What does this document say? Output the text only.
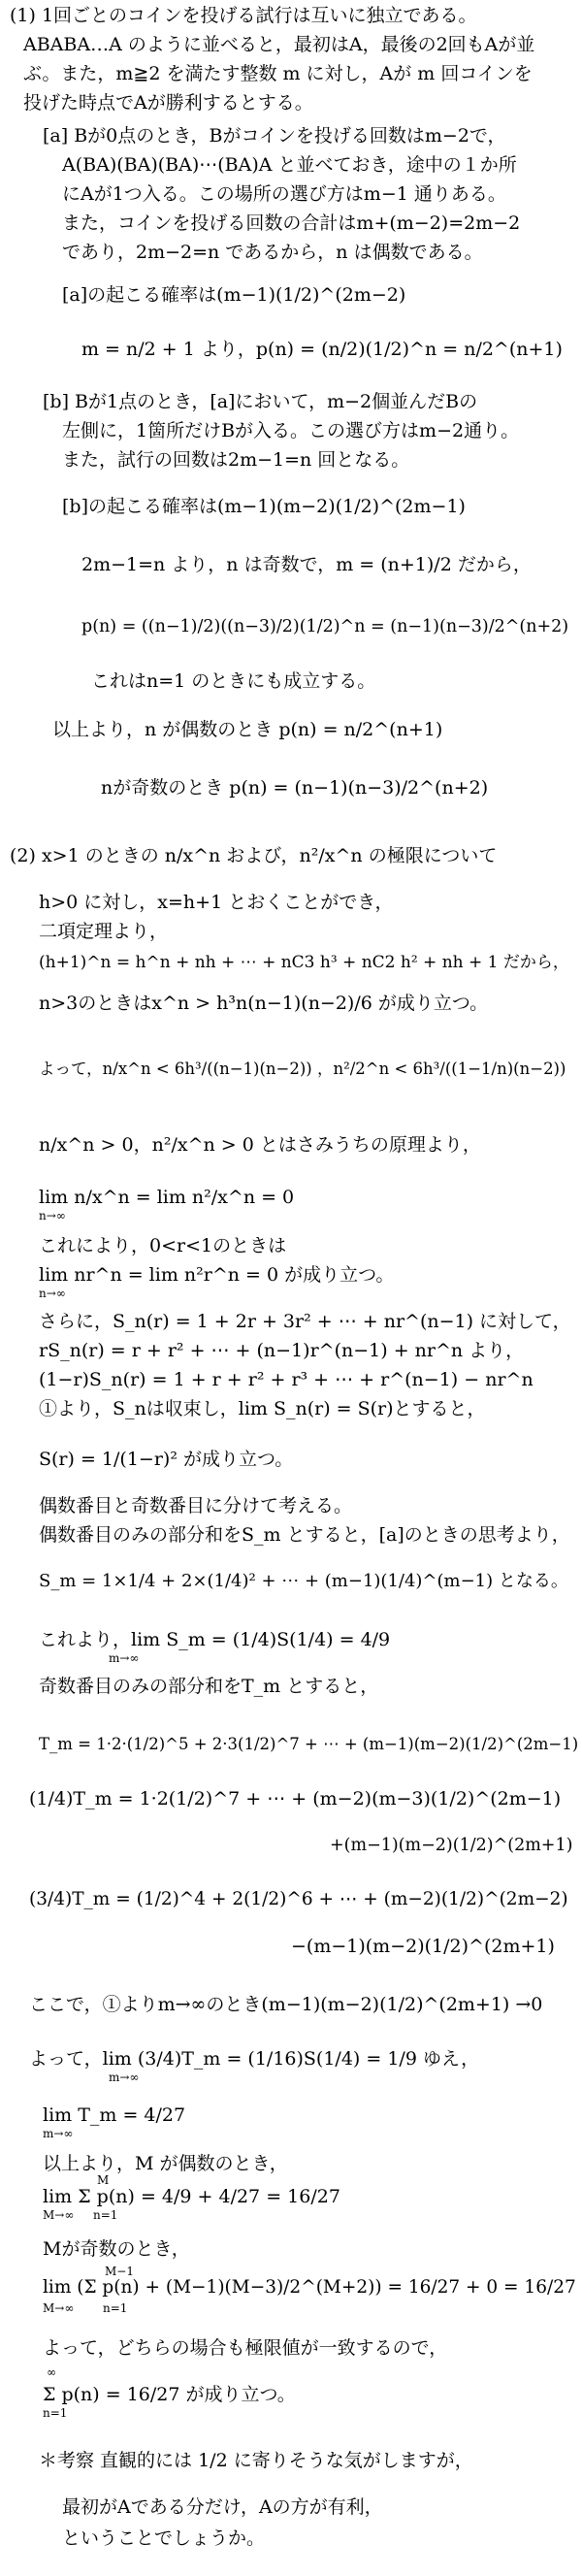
(1) 1回ごとのコインを投げる試行は互いに独立である。
ABABA…A のように並べると，最初はA，最後の2回もAが並
ぶ。また，m≧2 を満たす整数 m に対し，Aが m 回コインを
投げた時点でAが勝利するとする。
[a] Bが0点のとき，Bがコインを投げる回数はm−2で，
A(BA)(BA)(BA)⋯(BA)A と並べておき，途中の１か所
にAが1つ入る。この場所の選び方はm−1 通りある。
また，コインを投げる回数の合計はm+(m−2)=2m−2
であり，2m−2=n であるから，n は偶数である。
[a]の起こる確率は(m−1)(1/2)^(2m−2)
m = n/2 + 1 より，p(n) = (n/2)(1/2)^n = n/2^(n+1)
[b] Bが1点のとき，[a]において，m−2個並んだBの
左側に，1箇所だけBが入る。この選び方はm−2通り。
また，試行の回数は2m−1=n 回となる。
[b]の起こる確率は(m−1)(m−2)(1/2)^(2m−1)
2m−1=n より，n は奇数で，m = (n+1)/2 だから，
p(n) = ((n−1)/2)((n−3)/2)(1/2)^n = (n−1)(n−3)/2^(n+2)
これはn=1 のときにも成立する。
以上より，n が偶数のとき p(n) = n/2^(n+1)
nが奇数のとき p(n) = (n−1)(n−3)/2^(n+2)
(2) x>1 のときの n/x^n および，n²/x^n の極限について
h>0 に対し，x=h+1 とおくことができ，
二項定理より，
(h+1)^n = h^n + nh + ⋯ + nC3 h³ + nC2 h² + nh + 1 だから，
n>3のときはx^n > h³n(n−1)(n−2)/6 が成り立つ。
よって，n/x^n < 6h³/((n−1)(n−2)) ，n²/2^n < 6h³/((1−1/n)(n−2))
n/x^n > 0，n²/x^n > 0 とはさみうちの原理より，
lim n/x^n = lim n²/x^n = 0
n→∞
これにより，0<r<1のときは
lim nr^n = lim n²r^n = 0 が成り立つ。
n→∞
さらに，S_n(r) = 1 + 2r + 3r² + ⋯ + nr^(n−1) に対して，
rS_n(r) = r + r² + ⋯ + (n−1)r^(n−1) + nr^n より，
(1−r)S_n(r) = 1 + r + r² + r³ + ⋯ + r^(n−1) − nr^n
①より，S_nは収束し，lim S_n(r) = S(r)とすると，
S(r) = 1/(1−r)² が成り立つ。
偶数番目と奇数番目に分けて考える。
偶数番目のみの部分和をS_m とすると，[a]のときの思考より，
S_m = 1×1/4 + 2×(1/4)² + ⋯ + (m−1)(1/4)^(m−1) となる。
これより，lim S_m = (1/4)S(1/4) = 4/9
m→∞
奇数番目のみの部分和をT_m とすると，
T_m = 1·2·(1/2)^5 + 2·3(1/2)^7 + ⋯ + (m−1)(m−2)(1/2)^(2m−1)
(1/4)T_m = 1·2(1/2)^7 + ⋯ + (m−2)(m−3)(1/2)^(2m−1)
+(m−1)(m−2)(1/2)^(2m+1)
(3/4)T_m = (1/2)^4 + 2(1/2)^6 + ⋯ + (m−2)(1/2)^(2m−2)
−(m−1)(m−2)(1/2)^(2m+1)
ここで，①よりm→∞のとき(m−1)(m−2)(1/2)^(2m+1) →0
よって，lim (3/4)T_m = (1/16)S(1/4) = 1/9 ゆえ，
m→∞
lim T_m = 4/27
m→∞
以上より，M が偶数のとき，
lim Σ p(n) = 4/9 + 4/27 = 16/27
M→∞ n=1
M
Mが奇数のとき，
lim (Σ p(n) + (M−1)(M−3)/2^(M+2)) = 16/27 + 0 = 16/27
M→∞ n=1
M−1
よって，どちらの場合も極限値が一致するので，
Σ p(n) = 16/27 が成り立つ。
n=1
∞
＊考察 直観的には 1/2 に寄りそうな気がしますが，
最初がAである分だけ，Aの方が有利，
ということでしょうか。
